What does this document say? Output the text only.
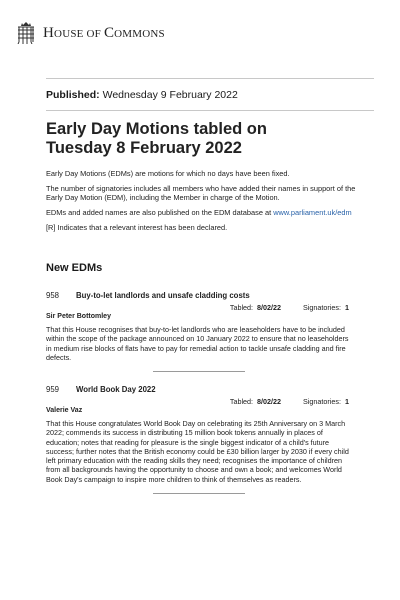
HOUSE OF COMMONS
Published: Wednesday 9 February 2022
Early Day Motions tabled on
Tuesday 8 February 2022

Early Day Motions (EDMs) are motions for which no days have been fixed.

The number of signatories includes all members who have added their names in support of the Early Day Motion (EDM), including the Member in charge of the Motion.

EDMs and added names are also published on the EDM database at www.parliament.uk/edm

[R] Indicates that a relevant interest has been declared.

New EDMs
958	Buy-to-let landlords and unsafe cladding costs
Tabled: 8/02/22	Signatories: 1
Sir Peter Bottomley
That this House recognises that buy-to-let landlords who are leaseholders have to be included within the scope of the package announced on 10 January 2022 to ensure that no leaseholders in medium rise blocks of flats have to pay for remedial action to tackle unsafe cladding and fire defects.
959	World Book Day 2022
Tabled: 8/02/22	Signatories: 1
Valerie Vaz
That this House congratulates World Book Day on celebrating its 25th Anniversary on 3 March 2022; commends its success in distributing 15 million book tokens annually in places of education; notes that reading for pleasure is the single biggest indicator of a child's future success; further notes that the British economy could be £30 billion larger by 2030 if every child left primary education with the reading skills they need; recognises the importance of children from all backgrounds having the opportunity to choose and own a book; and welcomes World Book Day's campaign to inspire more children to think of themselves as readers.
